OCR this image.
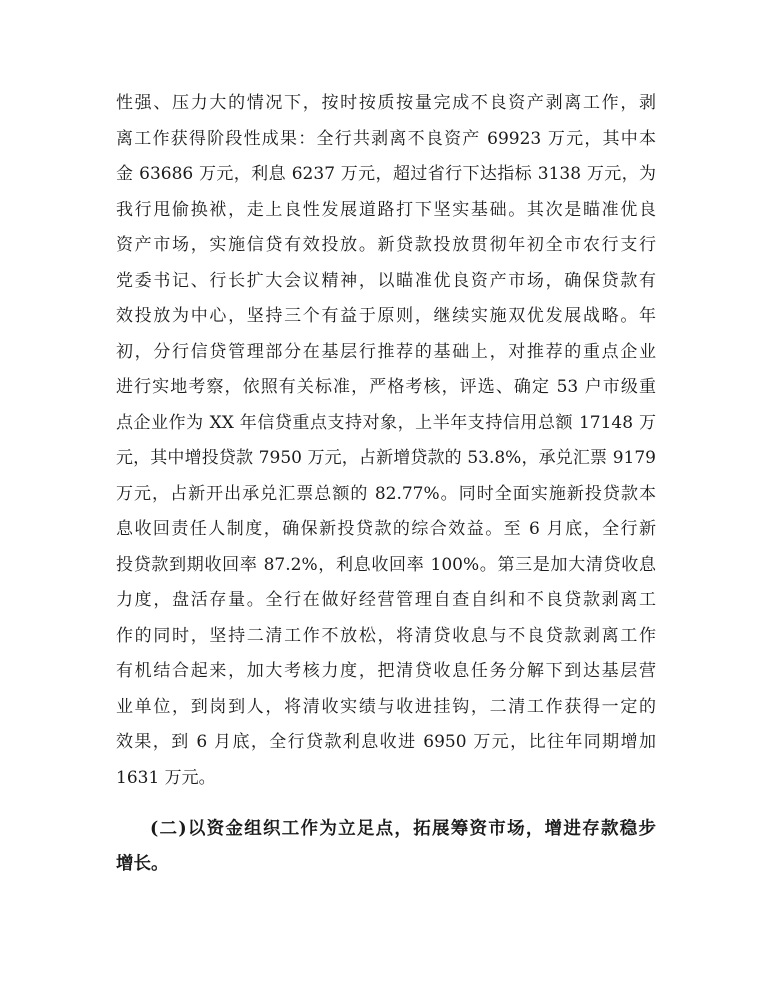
性强、压力大的情况下，按时按质按量完成不良资产剥离工作，剥
离工作获得阶段性成果：全行共剥离不良资产 69923 万元，其中本
金 63686 万元，利息 6237 万元，超过省行下达指标 3138 万元，为
我行甩偷换袱，走上良性发展道路打下坚实基础。其次是瞄准优良
资产市场，实施信贷有效投放。新贷款投放贯彻年初全市农行支行
党委书记、行长扩大会议精神，以瞄准优良资产市场，确保贷款有
效投放为中心，坚持三个有益于原则，继续实施双优发展战略。年
初，分行信贷管理部分在基层行推荐的基础上，对推荐的重点企业
进行实地考察，依照有关标准，严格考核，评选、确定 53 户市级重
点企业作为 XX 年信贷重点支持对象，上半年支持信用总额 17148 万
元，其中增投贷款 7950 万元，占新增贷款的 53.8%，承兑汇票 9179
万元，占新开出承兑汇票总额的 82.77%。同时全面实施新投贷款本
息收回责任人制度，确保新投贷款的综合效益。至 6 月底，全行新
投贷款到期收回率 87.2%，利息收回率 100%。第三是加大清贷收息
力度，盘活存量。全行在做好经营管理自查自纠和不良贷款剥离工
作的同时，坚持二清工作不放松，将清贷收息与不良贷款剥离工作
有机结合起来，加大考核力度，把清贷收息任务分解下到达基层营
业单位，到岗到人，将清收实绩与收进挂钩，二清工作获得一定的
效果，到 6 月底，全行贷款利息收进 6950 万元，比往年同期增加
1631 万元。
(二)以资金组织工作为立足点，拓展筹资市场，增进存款稳步
增长。
